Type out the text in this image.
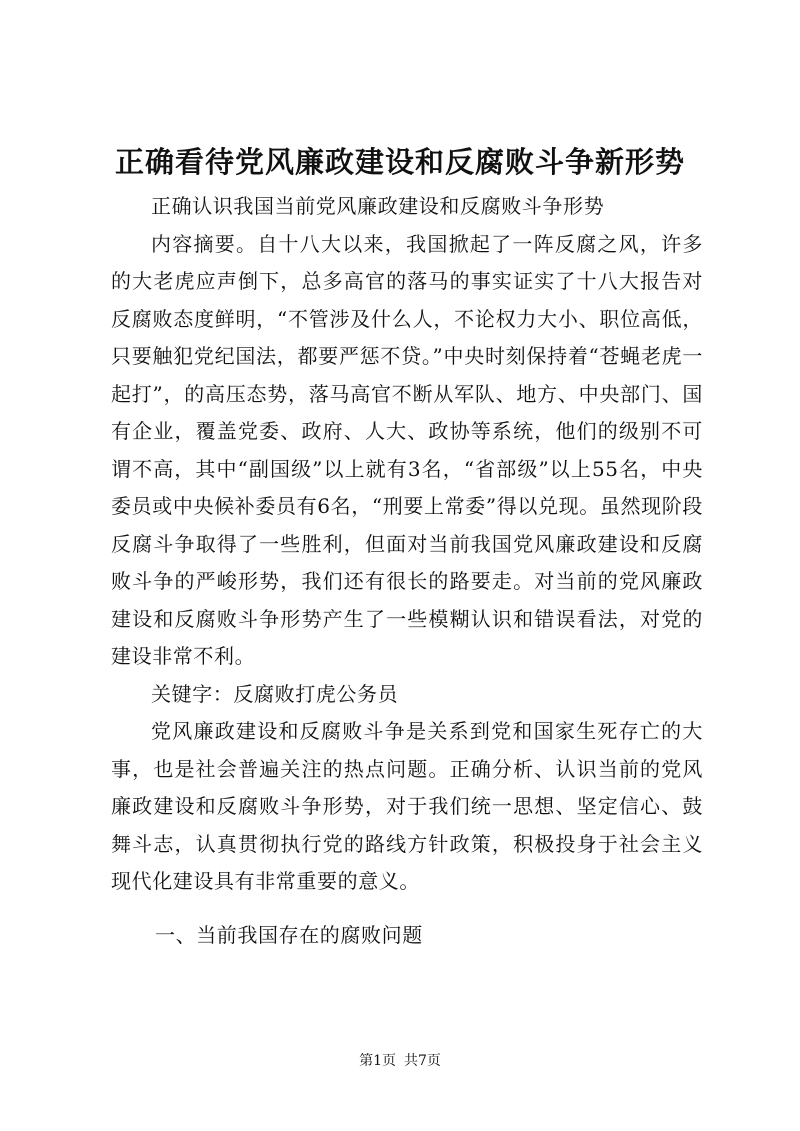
正确看待党风廉政建设和反腐败斗争新形势

正确认识我国当前党风廉政建设和反腐败斗争形势

内容摘要。自十八大以来，我国掀起了一阵反腐之风，许多的大老虎应声倒下，总多高官的落马的事实证实了十八大报告对反腐败态度鲜明，“不管涉及什么人，不论权力大小、职位高低，只要触犯党纪国法，都要严惩不贷。”中央时刻保持着“苍蝇老虎一起打”，的高压态势，落马高官不断从军队、地方、中央部门、国有企业，覆盖党委、政府、人大、政协等系统，他们的级别不可谓不高，其中“副国级”以上就有3名，“省部级”以上55名，中央委员或中央候补委员有6名，“刑要上常委”得以兑现。虽然现阶段反腐斗争取得了一些胜利，但面对当前我国党风廉政建设和反腐败斗争的严峻形势，我们还有很长的路要走。对当前的党风廉政建设和反腐败斗争形势产生了一些模糊认识和错误看法，对党的建设非常不利。

关键字：反腐败打虎公务员

党风廉政建设和反腐败斗争是关系到党和国家生死存亡的大事，也是社会普遍关注的热点问题。正确分析、认识当前的党风廉政建设和反腐败斗争形势，对于我们统一思想、坚定信心、鼓舞斗志，认真贯彻执行党的路线方针政策，积极投身于社会主义现代化建设具有非常重要的意义。

一、当前我国存在的腐败问题

第1页 共7页
